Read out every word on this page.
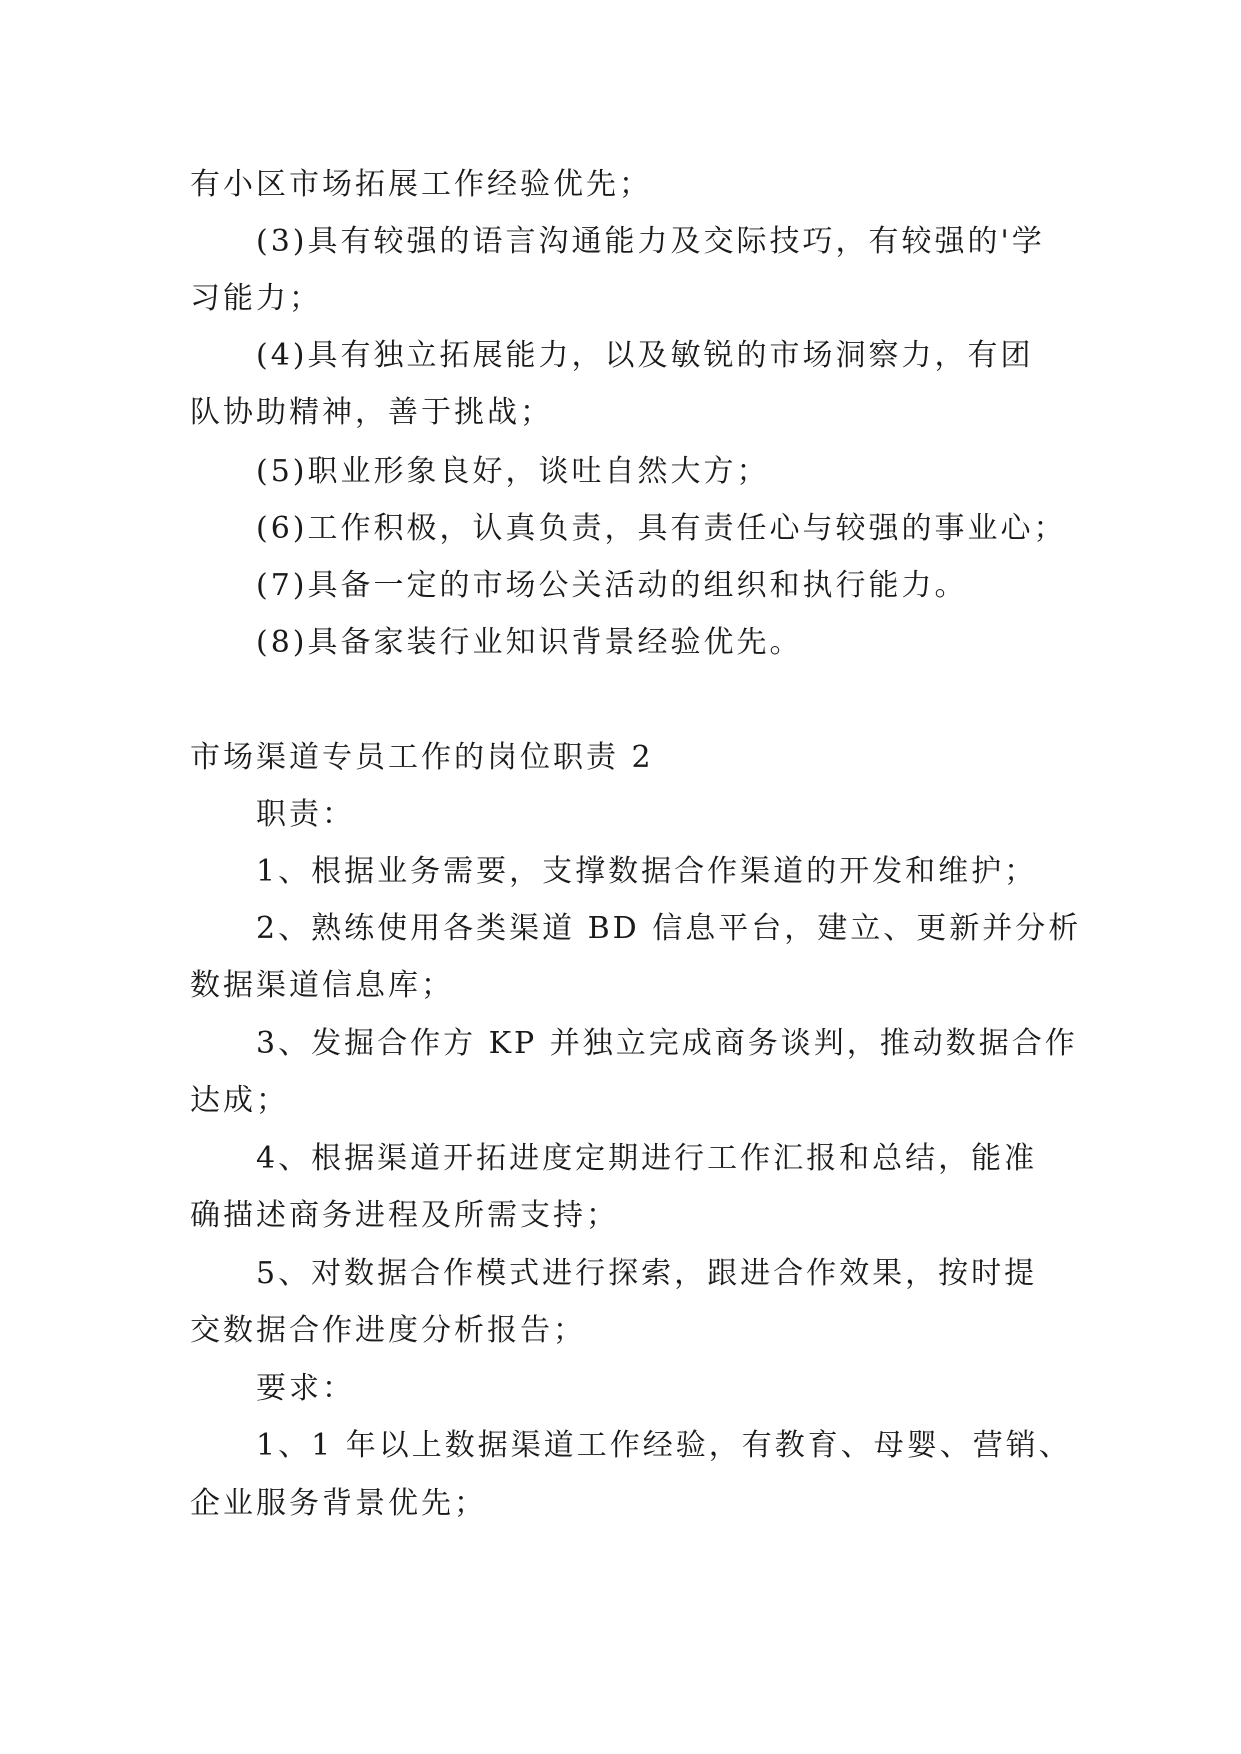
有小区市场拓展工作经验优先；
(3)具有较强的语言沟通能力及交际技巧，有较强的'学
习能力；
(4)具有独立拓展能力，以及敏锐的市场洞察力，有团
队协助精神，善于挑战；
(5)职业形象良好，谈吐自然大方；
(6)工作积极，认真负责，具有责任心与较强的事业心；
(7)具备一定的市场公关活动的组织和执行能力。
(8)具备家装行业知识背景经验优先。
市场渠道专员工作的岗位职责 2
职责：
1、根据业务需要，支撑数据合作渠道的开发和维护；
2、熟练使用各类渠道 BD 信息平台，建立、更新并分析
数据渠道信息库；
3、发掘合作方 KP 并独立完成商务谈判，推动数据合作
达成；
4、根据渠道开拓进度定期进行工作汇报和总结，能准
确描述商务进程及所需支持；
5、对数据合作模式进行探索，跟进合作效果，按时提
交数据合作进度分析报告；
要求：
1、1 年以上数据渠道工作经验，有教育、母婴、营销、
企业服务背景优先；
